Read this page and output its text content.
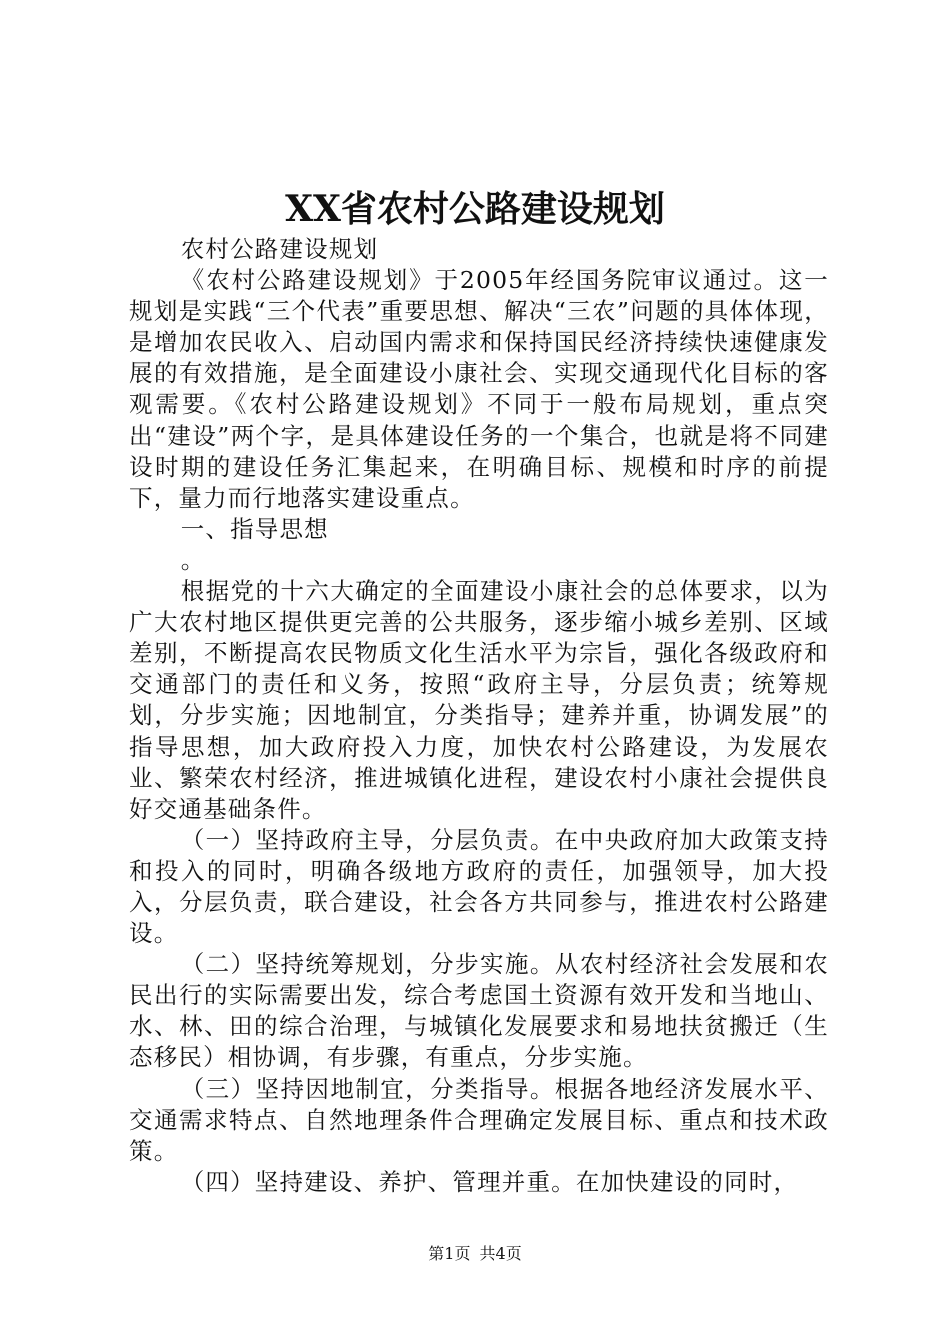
XX省农村公路建设规划

农村公路建设规划

《农村公路建设规划》于2005年经国务院审议通过。这一规划是实践“三个代表”重要思想、解决“三农”问题的具体体现，是增加农民收入、启动国内需求和保持国民经济持续快速健康发展的有效措施，是全面建设小康社会、实现交通现代化目标的客观需要。《农村公路建设规划》不同于一般布局规划，重点突出“建设”两个字，是具体建设任务的一个集合，也就是将不同建设时期的建设任务汇集起来，在明确目标、规模和时序的前提下，量力而行地落实建设重点。

一、指导思想

。

根据党的十六大确定的全面建设小康社会的总体要求，以为广大农村地区提供更完善的公共服务，逐步缩小城乡差别、区域差别，不断提高农民物质文化生活水平为宗旨，强化各级政府和交通部门的责任和义务，按照“政府主导，分层负责；统筹规划，分步实施；因地制宜，分类指导；建养并重，协调发展”的指导思想，加大政府投入力度，加快农村公路建设，为发展农业、繁荣农村经济，推进城镇化进程，建设农村小康社会提供良好交通基础条件。

（一）坚持政府主导，分层负责。在中央政府加大政策支持和投入的同时，明确各级地方政府的责任，加强领导，加大投入，分层负责，联合建设，社会各方共同参与，推进农村公路建设。

（二）坚持统筹规划，分步实施。从农村经济社会发展和农民出行的实际需要出发，综合考虑国土资源有效开发和当地山、水、林、田的综合治理，与城镇化发展要求和易地扶贫搬迁（生态移民）相协调，有步骤，有重点，分步实施。

（三）坚持因地制宜，分类指导。根据各地经济发展水平、交通需求特点、自然地理条件合理确定发展目标、重点和技术政策。

（四）坚持建设、养护、管理并重。在加快建设的同时，

第1页 共4页
